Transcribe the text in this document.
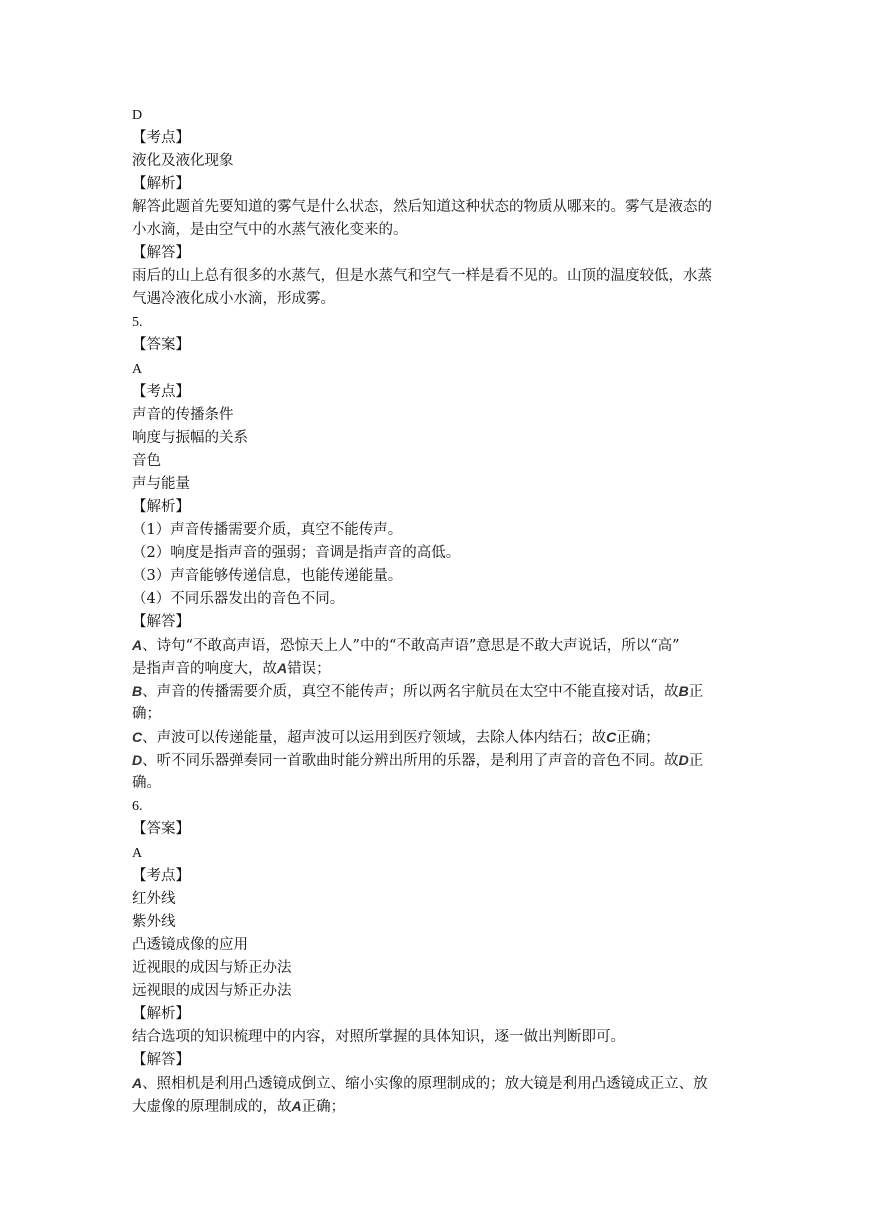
D
【考点】
液化及液化现象
【解析】
解答此题首先要知道的雾气是什么状态，然后知道这种状态的物质从哪来的。雾气是液态的
小水滴，是由空气中的水蒸气液化变来的。
【解答】
雨后的山上总有很多的水蒸气，但是水蒸气和空气一样是看不见的。山顶的温度较低，水蒸
气遇冷液化成小水滴，形成雾。
5.
【答案】
A
【考点】
声音的传播条件
响度与振幅的关系
音色
声与能量
【解析】
（1）声音传播需要介质，真空不能传声。
（2）响度是指声音的强弱；音调是指声音的高低。
（3）声音能够传递信息，也能传递能量。
（4）不同乐器发出的音色不同。
【解答】
A、诗句“不敢高声语，恐惊天上人”中的“不敢高声语”意思是不敢大声说话，所以“高”
是指声音的响度大，故A错误；
B、声音的传播需要介质，真空不能传声；所以两名宇航员在太空中不能直接对话，故B正
确；
C、声波可以传递能量，超声波可以运用到医疗领域，去除人体内结石；故C正确；
D、听不同乐器弹奏同一首歌曲时能分辨出所用的乐器，是利用了声音的音色不同。故D正
确。
6.
【答案】
A
【考点】
红外线
紫外线
凸透镜成像的应用
近视眼的成因与矫正办法
远视眼的成因与矫正办法
【解析】
结合选项的知识梳理中的内容，对照所掌握的具体知识，逐一做出判断即可。
【解答】
A、照相机是利用凸透镜成倒立、缩小实像的原理制成的；放大镜是利用凸透镜成正立、放
大虚像的原理制成的，故A正确；
